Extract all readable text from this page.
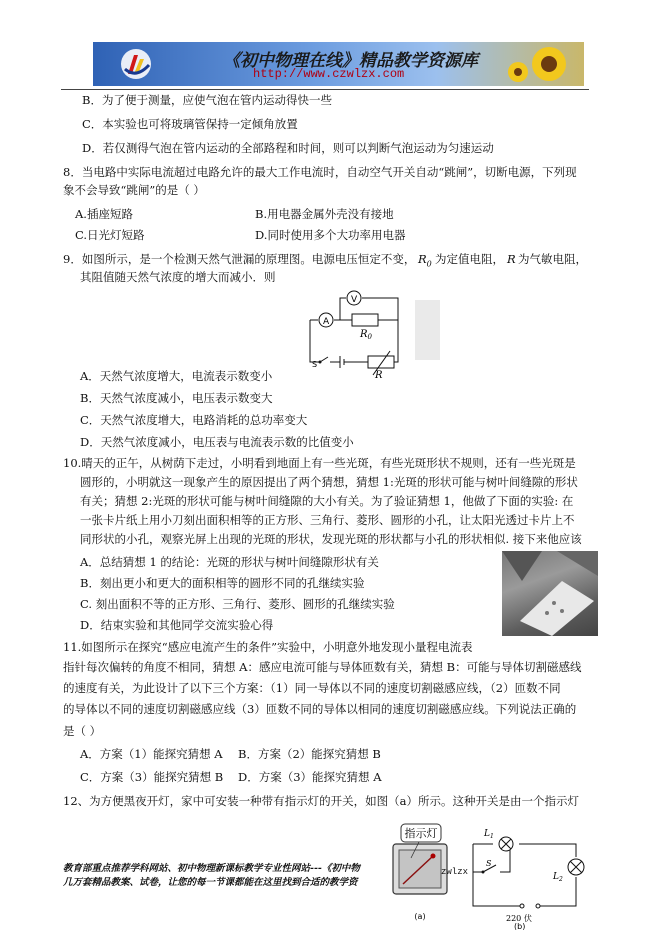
《初中物理在线》精品教学资源库
http://www.czwlzx.com
B．为了便于测量，应使气泡在管内运动得快一些
C．本实验也可将玻璃管保持一定倾角放置
D．若仅测得气泡在管内运动的全部路程和时间，则可以判断气泡运动为匀速运动
8．当电路中实际电流超过电路允许的最大工作电流时，自动空气开关自动“跳闸”，切断电源，下列现
象不会导致“跳闸”的是（ ）
A.插座短路	B.用电器金属外壳没有接地
C.日光灯短路	D.同时使用多个大功率用电器
9．如图所示，是一个检测天然气泄漏的原理图。电源电压恒定不变， $R_0$ 为定值电阻， R 为气敏电阻，
其阻值随天然气浓度的增大而减小．则
A
V
$R_0$
S
R
A．天然气浓度增大，电流表示数变小
B．天然气浓度减小，电压表示数变大
C．天然气浓度增大，电路消耗的总功率变大
D．天然气浓度减小，电压表与电流表示数的比值变小
10.晴天的正午，从树荫下走过，小明看到地面上有一些光斑，有些光斑形状不规则，还有一些光斑是
圆形的，小明就这一现象产生的原因提出了两个猜想，猜想 1:光斑的形状可能与树叶间缝隙的形状
有关；猜想 2:光斑的形状可能与树叶间缝隙的大小有关。为了验证猜想 1，他做了下面的实验: 在
一张卡片纸上用小刀刻出面积相等的正方形、三角行、菱形、圆形的小孔，让太阳光透过卡片上不
同形状的小孔，观察光屏上出现的光斑的形状，发现光斑的形状都与小孔的形状相似. 接下来他应该
A．总结猜想 1 的结论：光斑的形状与树叶间缝隙形状有关
B．刻出更小和更大的面积相等的圆形不同的孔继续实验
C. 刻出面积不等的正方形、三角行、菱形、圆形的孔继续实验
D．结束实验和其他同学交流实验心得
11.如图所示在探究“感应电流产生的条件”实验中，小明意外地发现小量程电流表
指针每次偏转的角度不相同，猜想 A：感应电流可能与导体匝数有关，猜想 B：可能与导体切割磁感线
的速度有关，为此设计了以下三个方案：（1）同一导体以不同的速度切割磁感应线，（2）匝数不同
的导体以不同的速度切割磁感应线（3）匝数不同的导体以相同的速度切割磁感应线。下列说法正确的
是（ ）
A．方案（1）能探究猜想 A B．方案（2）能探究猜想 B
C．方案（3）能探究猜想 B D．方案（3）能探究猜想 A
12、为方便黑夜开灯，家中可安装一种带有指示灯的开关，如图（a）所示。这种开关是由一个指示灯
指示灯
(a)
$L_1$
S
$L_2$
220 伏
(b)
教育部重点推荐学科网站、初中物理新课标教学专业性网站---《初中物
几万套精品教案、试卷，让您的每一节课都能在这里找到合适的教学资
zwlzx
